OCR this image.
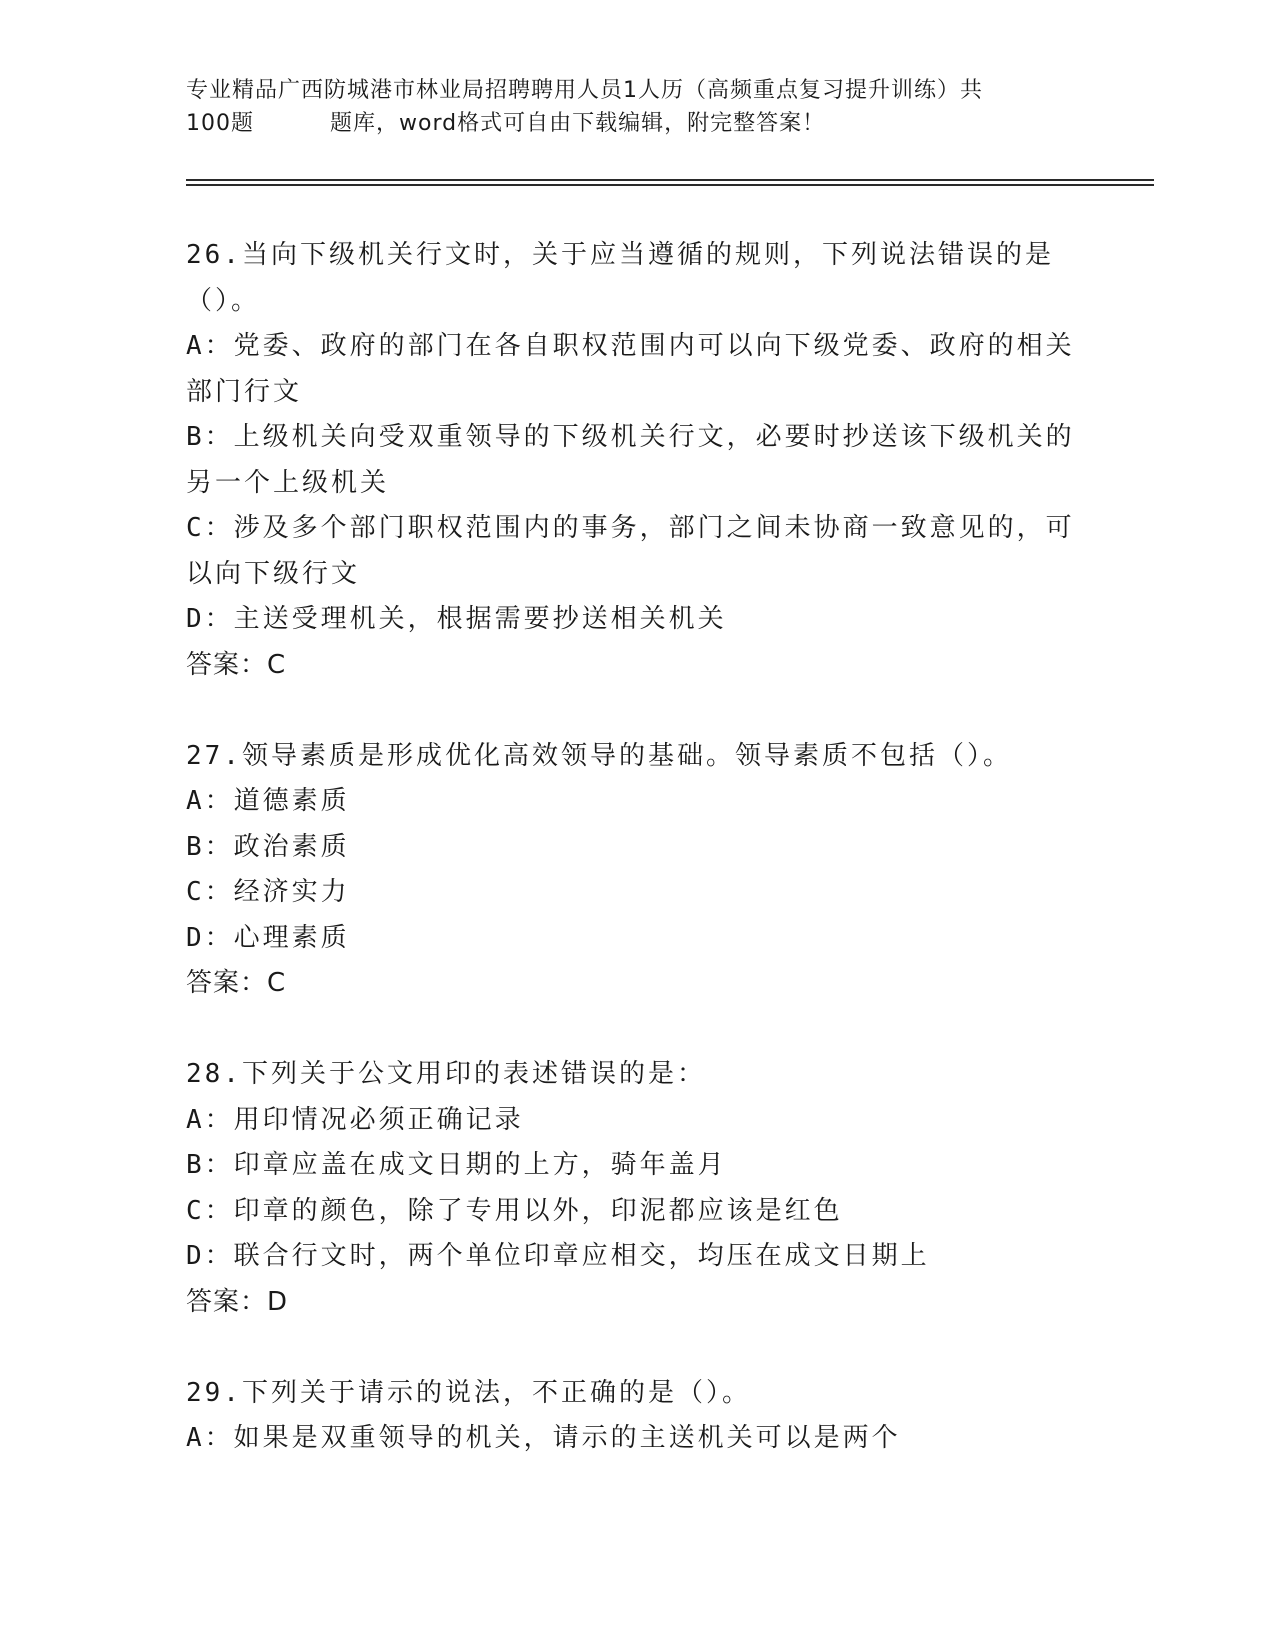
专业精品广西防城港市林业局招聘聘用人员1人历（高频重点复习提升训练）共
100题	题库，word格式可自由下载编辑，附完整答案！
26.当向下级机关行文时，关于应当遵循的规则，下列说法错误的是（）。
A：党委、政府的部门在各自职权范围内可以向下级党委、政府的相关部门行文
B：上级机关向受双重领导的下级机关行文，必要时抄送该下级机关的另一个上级机关
C：涉及多个部门职权范围内的事务，部门之间未协商一致意见的，可以向下级行文
D：主送受理机关，根据需要抄送相关机关
答案：C
27.领导素质是形成优化高效领导的基础。领导素质不包括（）。
A：道德素质
B：政治素质
C：经济实力
D：心理素质
答案：C
28.下列关于公文用印的表述错误的是：
A：用印情况必须正确记录
B：印章应盖在成文日期的上方，骑年盖月
C：印章的颜色，除了专用以外，印泥都应该是红色
D：联合行文时，两个单位印章应相交，均压在成文日期上
答案：D
29.下列关于请示的说法，不正确的是（）。
A：如果是双重领导的机关，请示的主送机关可以是两个
